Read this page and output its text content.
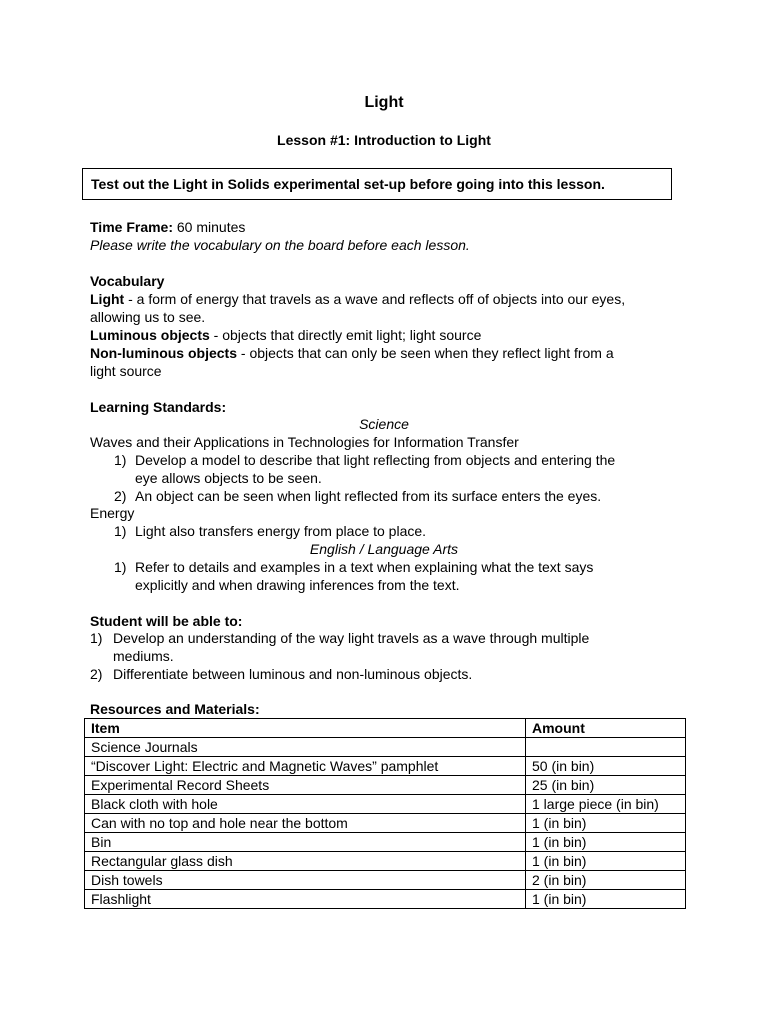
Light
Lesson #1: Introduction to Light
Test out the Light in Solids experimental set-up before going into this lesson.
Time Frame: 60 minutes
Please write the vocabulary on the board before each lesson.
Vocabulary
Light - a form of energy that travels as a wave and reflects off of objects into our eyes,
allowing us to see.
Luminous objects - objects that directly emit light; light source
Non-luminous objects - objects that can only be seen when they reflect light from a
light source
Learning Standards:
Science
Waves and their Applications in Technologies for Information Transfer
1) Develop a model to describe that light reflecting from objects and entering the
eye allows objects to be seen.
2) An object can be seen when light reflected from its surface enters the eyes.
Energy
1) Light also transfers energy from place to place.
English / Language Arts
1) Refer to details and examples in a text when explaining what the text says
explicitly and when drawing inferences from the text.
Student will be able to:
1) Develop an understanding of the way light travels as a wave through multiple
mediums.
2) Differentiate between luminous and non-luminous objects.
Resources and Materials:
Item	Amount
Science Journals	
“Discover Light: Electric and Magnetic Waves” pamphlet	50 (in bin)
Experimental Record Sheets	25 (in bin)
Black cloth with hole	1 large piece (in bin)
Can with no top and hole near the bottom	1 (in bin)
Bin	1 (in bin)
Rectangular glass dish	1 (in bin)
Dish towels	2 (in bin)
Flashlight	1 (in bin)
